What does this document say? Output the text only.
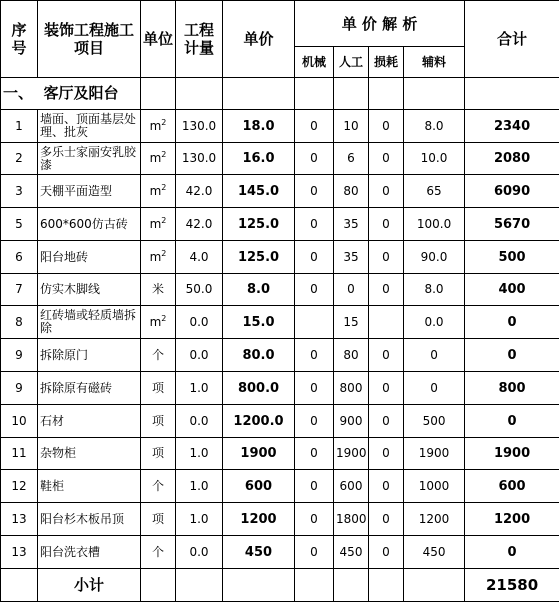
序 号	装饰工程施工项目	单位	工程计量	单价	单 价 解 析				合计
					机械	人工	损耗	辅料	
一、 客厅及阳台									
1	墙面、顶面基层处理、批灰	$m^2$	130.0	18.0	0	10	0	8.0	2340
2	多乐士家丽安乳胶漆	$m^2$	130.0	16.0	0	6	0	10.0	2080
3	天棚平面造型	$m^2$	42.0	145.0	0	80	0	65	6090
5	600*600仿古砖	$m^2$	42.0	125.0	0	35	0	100.0	5670
6	阳台地砖	$m^2$	4.0	125.0	0	35	0	90.0	500
7	仿实木脚线	米	50.0	8.0	0	0	0	8.0	400
8	红砖墙或轻质墙拆除	$m^2$	0.0	15.0		15		0.0	0
9	拆除原门	个	0.0	80.0	0	80	0	0	0
9	拆除原有磁砖	项	1.0	800.0	0	800	0	0	800
10	石材	项	0.0	1200.0	0	900	0	500	0
11	杂物柜	项	1.0	1900	0	1900	0	1900	1900
12	鞋柜	个	1.0	600	0	600	0	1000	600
13	阳台杉木板吊顶	项	1.0	1200	0	1800	0	1200	1200
13	阳台洗衣槽	个	0.0	450	0	450	0	450	0
	小计								21580
